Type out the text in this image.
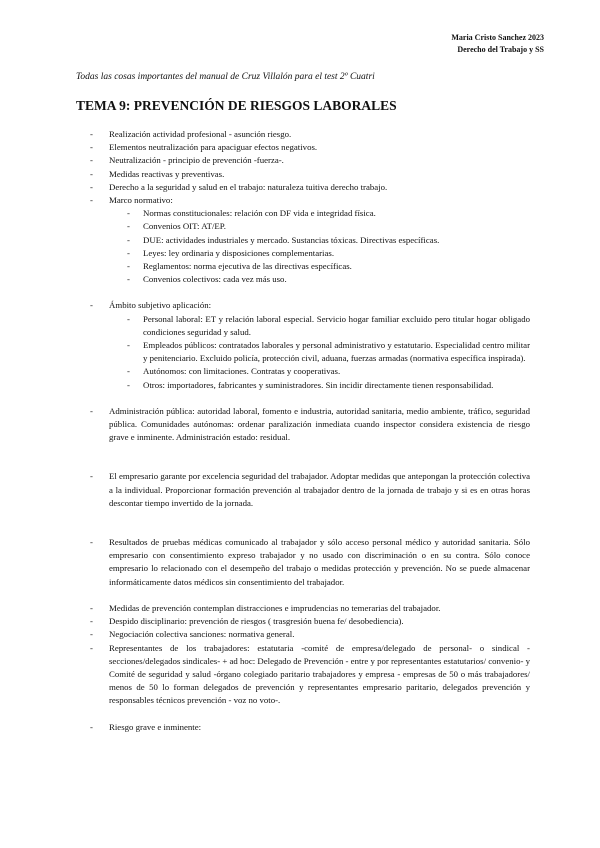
Maria Cristo Sanchez 2023
Derecho del Trabajo y SS
Todas las cosas importantes del manual de Cruz Villalón para el test 2º Cuatri
TEMA 9: PREVENCIÓN DE RIESGOS LABORALES
- Realización actividad profesional - asunción riesgo.
- Elementos neutralización para apaciguar efectos negativos.
- Neutralización - principio de prevención -fuerza-.
- Medidas reactivas y preventivas.
- Derecho a la seguridad y salud en el trabajo: naturaleza tuitiva derecho trabajo.
- Marco normativo:
- Normas constitucionales: relación con DF vida e integridad física.
- Convenios OIT: AT/EP.
- DUE: actividades industriales y mercado. Sustancias tóxicas. Directivas específicas.
- Leyes: ley ordinaria y disposiciones complementarias.
- Reglamentos: norma ejecutiva de las directivas específicas.
- Convenios colectivos: cada vez más uso.
- Ámbito subjetivo aplicación:
- Personal laboral: ET y relación laboral especial. Servicio hogar familiar excluido pero titular hogar obligado condiciones seguridad y salud.
- Empleados públicos: contratados laborales y personal administrativo y estatutario. Especialidad centro militar y penitenciario. Excluido policía, protección civil, aduana, fuerzas armadas (normativa específica inspirada).
- Autónomos: con limitaciones. Contratas y cooperativas.
- Otros: importadores, fabricantes y suministradores. Sin incidir directamente tienen responsabilidad.
- Administración pública: autoridad laboral, fomento e industria, autoridad sanitaria, medio ambiente, tráfico, seguridad pública. Comunidades autónomas: ordenar paralización inmediata cuando inspector considera existencia de riesgo grave e inminente. Administración estado: residual.
- El empresario garante por excelencia seguridad del trabajador. Adoptar medidas que antepongan la protección colectiva a la individual. Proporcionar formación prevención al trabajador dentro de la jornada de trabajo y si es en otras horas descontar tiempo invertido de la jornada.
- Resultados de pruebas médicas comunicado al trabajador y sólo acceso personal médico y autoridad sanitaria. Sólo empresario con consentimiento expreso trabajador y no usado con discriminación o en su contra. Sólo conoce empresario lo relacionado con el desempeño del trabajo o medidas protección y prevención. No se puede almacenar informáticamente datos médicos sin consentimiento del trabajador.
- Medidas de prevención contemplan distracciones e imprudencias no temerarias del trabajador.
- Despido disciplinario: prevención de riesgos ( trasgresión buena fe/ desobediencia).
- Negociación colectiva sanciones: normativa general.
- Representantes de los trabajadores: estatutaria -comité de empresa/delegado de personal- o sindical -secciones/delegados sindicales- + ad hoc: Delegado de Prevención - entre y por representantes estatutarios/ convenio- y Comité de seguridad y salud -órgano colegiado paritario trabajadores y empresa - empresas de 50 o más trabajadores/ menos de 50 lo forman delegados de prevención y representantes empresario paritario, delegados prevención y responsables técnicos prevención - voz no voto-.
- Riesgo grave e inminente:
